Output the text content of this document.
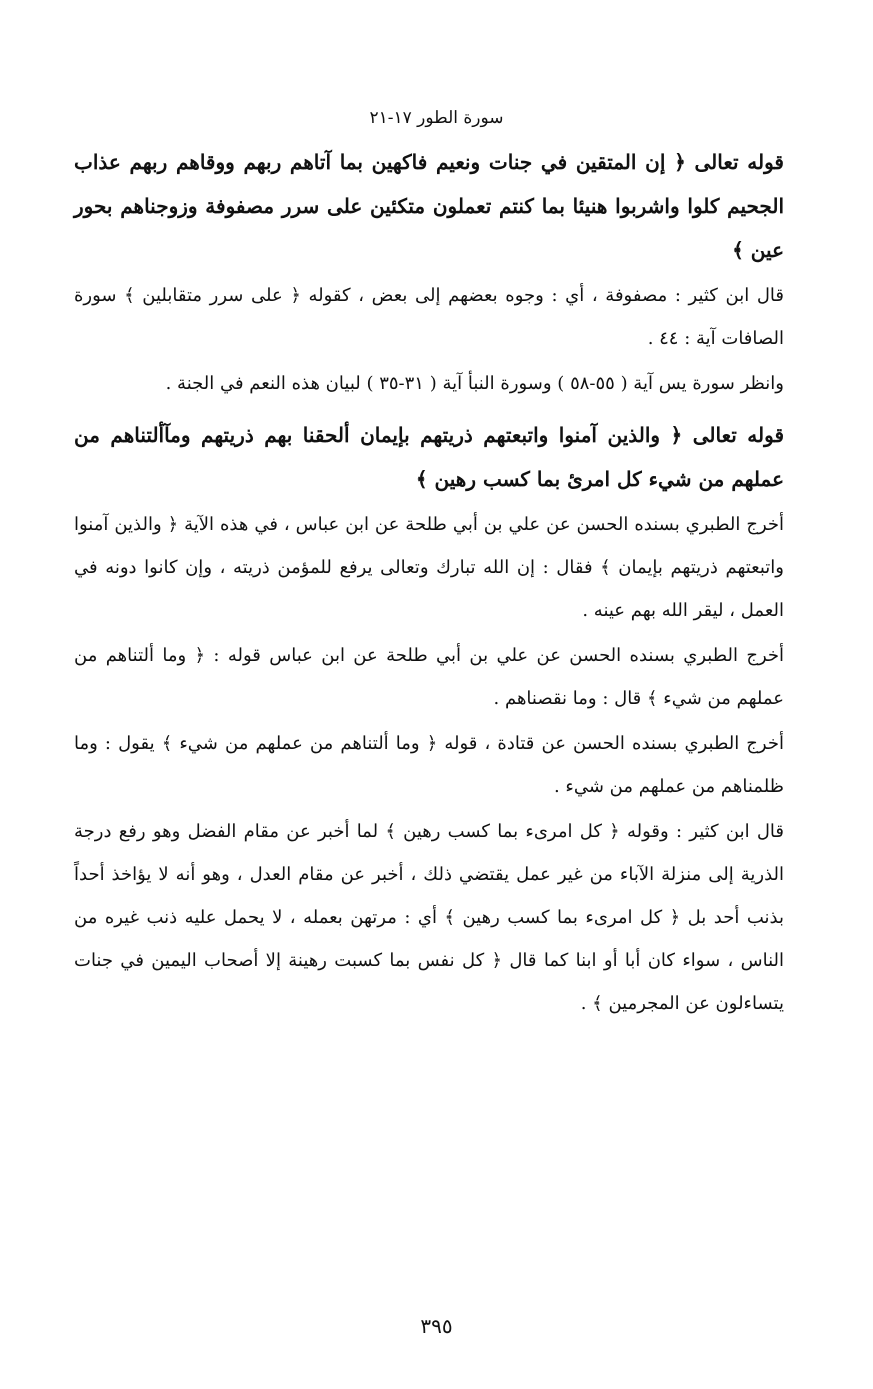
سورة الطور ١٧-٢١

قوله تعالى ﴿ إن المتقين في جنات ونعيم فاكهين بما آتاهم ربهم ووقاهم ربهم عذاب الجحيم كلوا واشربوا هنيئا بما كنتم تعملون متكئين على سرر مصفوفة وزوجناهم بحور عين ﴾

قال ابن كثير : مصفوفة ، أي : وجوه بعضهم إلى بعض ، كقوله ﴿ على سرر متقابلين ﴾ سورة الصافات آية : ٤٤ .

وانظر سورة يس آية ( ٥٥-٥٨ ) وسورة النبأ آية ( ٣١-٣٥ ) لبيان هذه النعم في الجنة .

قوله تعالى ﴿ والذين آمنوا واتبعتهم ذريتهم بإيمان ألحقنا بهم ذريتهم ومآألتناهم من عملهم من شيء كل امرئ بما كسب رهين ﴾

أخرج الطبري بسنده الحسن عن علي بن أبي طلحة عن ابن عباس ، في هذه الآية ﴿ والذين آمنوا واتبعتهم ذريتهم بإيمان ﴾ فقال : إن الله تبارك وتعالى يرفع للمؤمن ذريته ، وإن كانوا دونه في العمل ، ليقر الله بهم عينه .

أخرج الطبري بسنده الحسن عن علي بن أبي طلحة عن ابن عباس قوله : ﴿ وما ألتناهم من عملهم من شيء ﴾ قال : وما نقصناهم .

أخرج الطبري بسنده الحسن عن قتادة ، قوله ﴿ وما ألتناهم من عملهم من شيء ﴾ يقول : وما ظلمناهم من عملهم من شيء .

قال ابن كثير : وقوله ﴿ كل امرىء بما كسب رهين ﴾ لما أخبر عن مقام الفضل وهو رفع درجة الذرية إلى منزلة الآباء من غير عمل يقتضي ذلك ، أخبر عن مقام العدل ، وهو أنه لا يؤاخذ أحداً بذنب أحد بل ﴿ كل امرىء بما كسب رهين ﴾ أي : مرتهن بعمله ، لا يحمل عليه ذنب غيره من الناس ، سواء كان أبا أو ابنا كما قال ﴿ كل نفس بما كسبت رهينة إلا أصحاب اليمين في جنات يتساءلون عن المجرمين ﴾ .

٣٩٥
